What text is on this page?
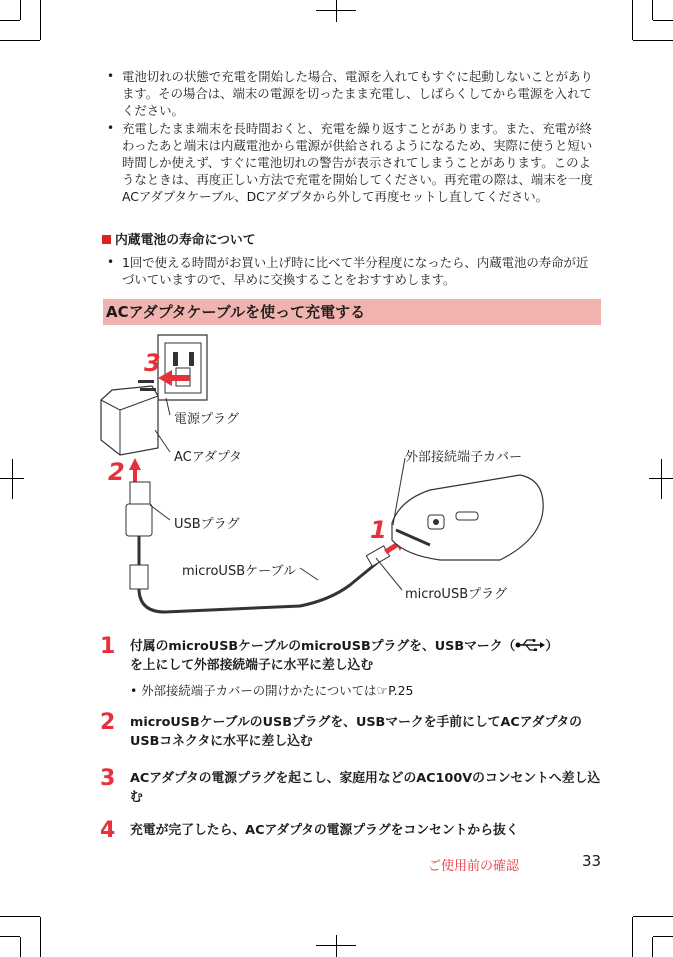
• 電池切れの状態で充電を開始した場合、電源を入れてもすぐに起動しないことがあります。その場合は、端末の電源を切ったまま充電し、しばらくしてから電源を入れてください。

• 充電したまま端末を長時間おくと、充電を繰り返すことがあります。また、充電が終わったあと端末は内蔵電池から電源が供給されるようになるため、実際に使うと短い時間しか使えず、すぐに電池切れの警告が表示されてしまうことがあります。このようなときは、再度正しい方法で充電を開始してください。再充電の際は、端末を一度ACアダプタケーブル、DCアダプタから外して再度セットし直してください。

内蔵電池の寿命について

• 1回で使える時間がお買い上げ時に比べて半分程度になったら、内蔵電池の寿命が近づいていますので、早めに交換することをおすすめします。

ACアダプタケーブルを使って充電する
3
2
1
電源プラグ
ACアダプタ
USBプラグ
microUSBケーブル
外部接続端子カバー
microUSBプラグ
1 付属のmicroUSBケーブルのmicroUSBプラグを、USBマーク（ ）
を上にして外部接続端子に水平に差し込む
• 外部接続端子カバーの開けかたについては☞P.25
2 microUSBケーブルのUSBプラグを、USBマークを手前にしてACアダプタのUSBコネクタに水平に差し込む
3 ACアダプタの電源プラグを起こし、家庭用などのAC100Vのコンセントへ差し込む
4 充電が完了したら、ACアダプタの電源プラグをコンセントから抜く
ご使用前の確認	33
